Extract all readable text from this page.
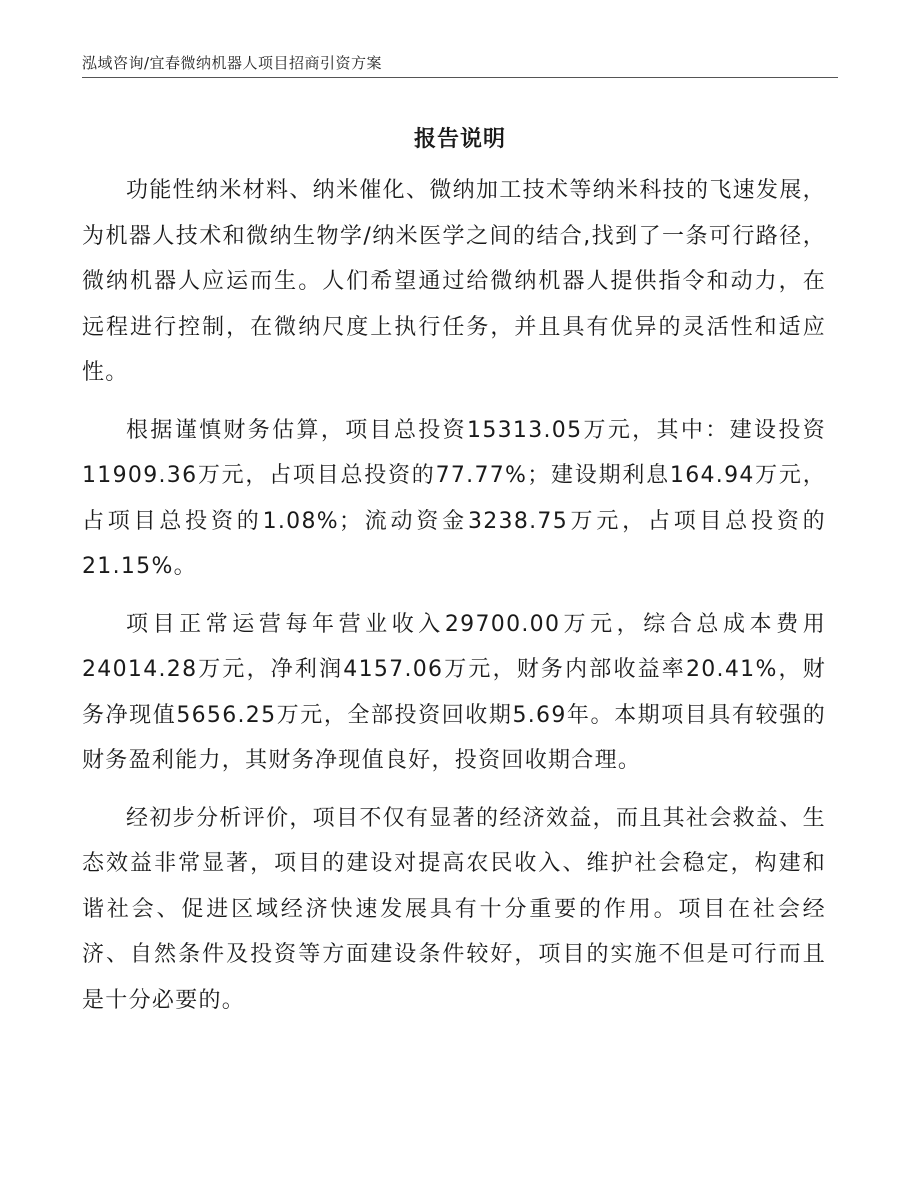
泓域咨询/宜春微纳机器人项目招商引资方案
报告说明

功能性纳米材料、纳米催化、微纳加工技术等纳米科技的飞速发展，为机器人技术和微纳生物学/纳米医学之间的结合,找到了一条可行路径，微纳机器人应运而生。人们希望通过给微纳机器人提供指令和动力，在远程进行控制，在微纳尺度上执行任务，并且具有优异的灵活性和适应性。

根据谨慎财务估算，项目总投资15313.05万元，其中：建设投资11909.36万元，占项目总投资的77.77%；建设期利息164.94万元，占项目总投资的1.08%；流动资金3238.75万元，占项目总投资的21.15%。

项目正常运营每年营业收入29700.00万元，综合总成本费用24014.28万元，净利润4157.06万元，财务内部收益率20.41%，财务净现值5656.25万元，全部投资回收期5.69年。本期项目具有较强的财务盈利能力，其财务净现值良好，投资回收期合理。

经初步分析评价，项目不仅有显著的经济效益，而且其社会救益、生态效益非常显著，项目的建设对提高农民收入、维护社会稳定，构建和谐社会、促进区域经济快速发展具有十分重要的作用。项目在社会经济、自然条件及投资等方面建设条件较好，项目的实施不但是可行而且是十分必要的。
